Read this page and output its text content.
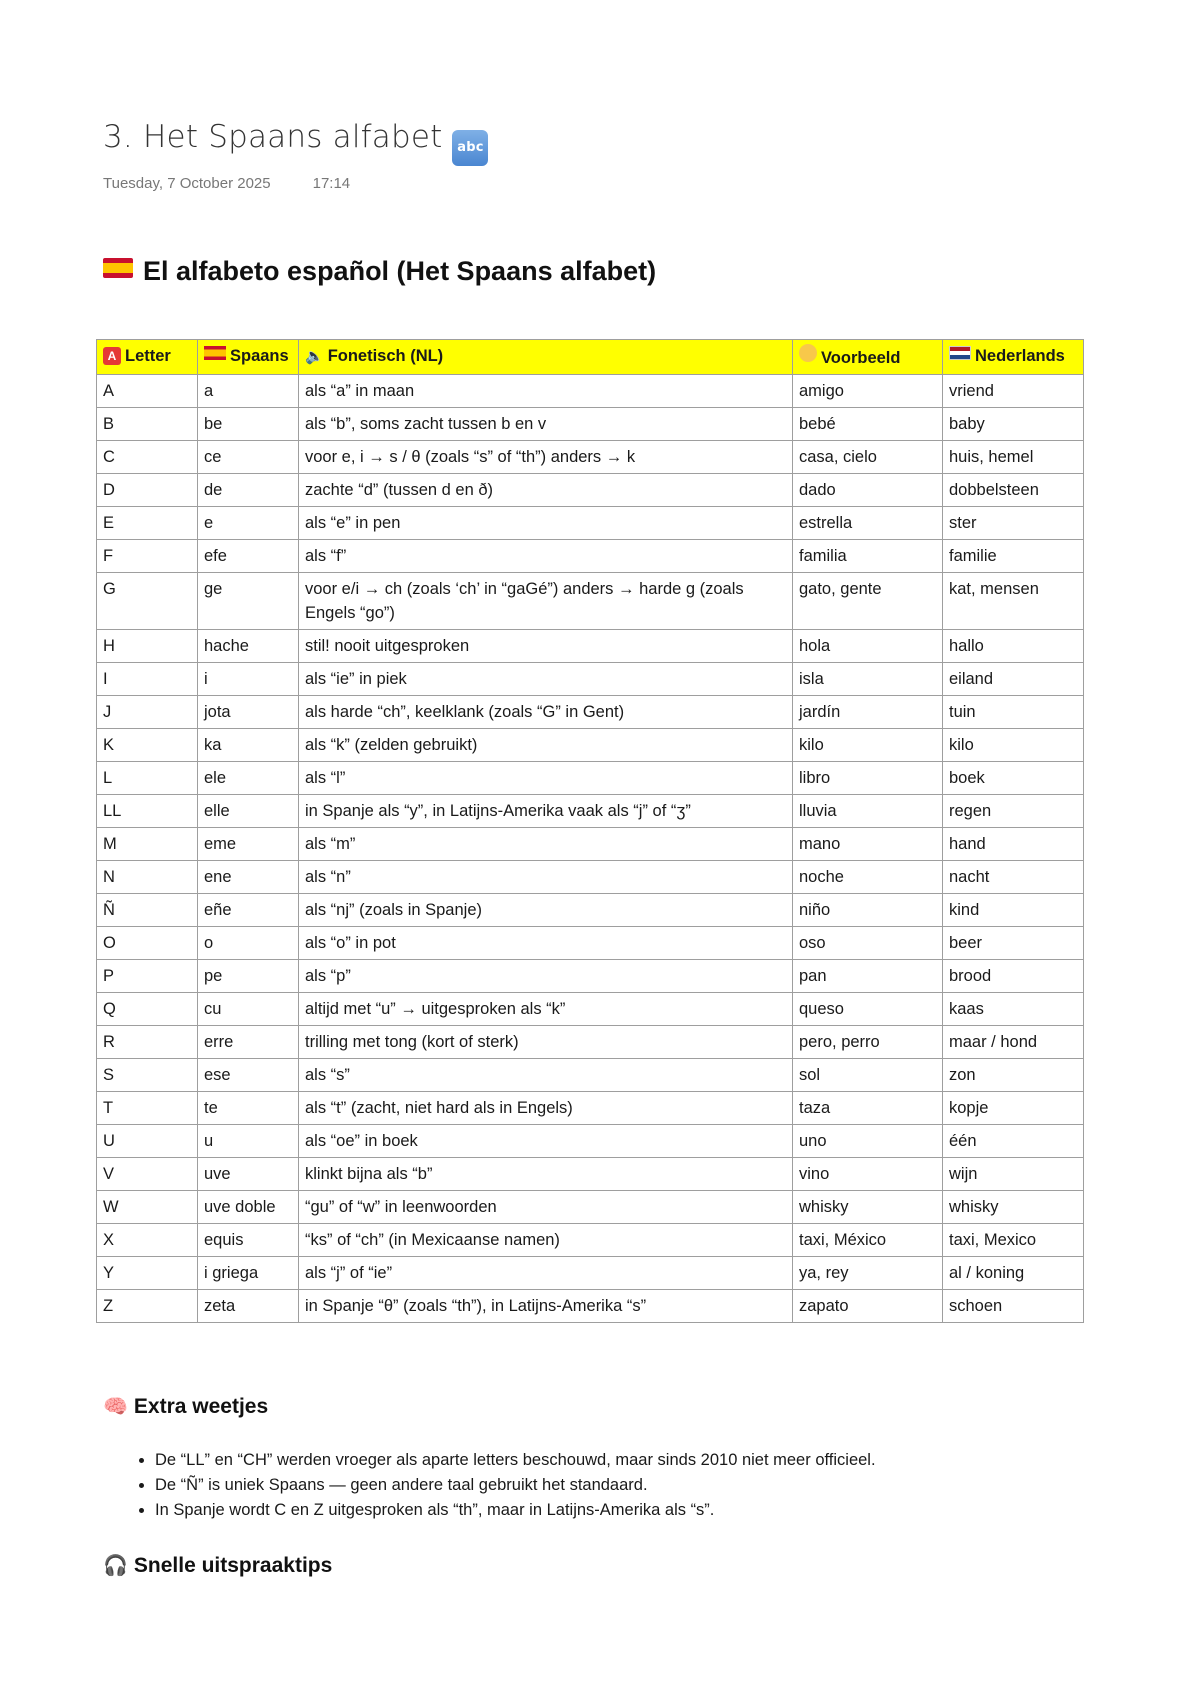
3. Het Spaans alfabet abc
Tuesday, 7 October 2025	17:14
El alfabeto español (Het Spaans alfabet)
A Letter	Spaans	🔈 Fonetisch (NL)	Voorbeeld	Nederlands
A	a	als “a” in maan	amigo	vriend
B	be	als “b”, soms zacht tussen b en v	bebé	baby
C	ce	voor e, i → s / θ (zoals “s” of “th”) anders → k	casa, cielo	huis, hemel
D	de	zachte “d” (tussen d en ð)	dado	dobbelsteen
E	e	als “e” in pen	estrella	ster
F	efe	als “f”	familia	familie
G	ge	voor e/i → ch (zoals ‘ch’ in “gaGé”) anders → harde g (zoals Engels “go”)	gato, gente	kat, mensen
H	hache	stil! nooit uitgesproken	hola	hallo
I	i	als “ie” in piek	isla	eiland
J	jota	als harde “ch”, keelklank (zoals “G” in Gent)	jardín	tuin
K	ka	als “k” (zelden gebruikt)	kilo	kilo
L	ele	als “l”	libro	boek
LL	elle	in Spanje als “y”, in Latijns-Amerika vaak als “j” of “ʒ”	lluvia	regen
M	eme	als “m”	mano	hand
N	ene	als “n”	noche	nacht
Ñ	eñe	als “nj” (zoals in Spanje)	niño	kind
O	o	als “o” in pot	oso	beer
P	pe	als “p”	pan	brood
Q	cu	altijd met “u” → uitgesproken als “k”	queso	kaas
R	erre	trilling met tong (kort of sterk)	pero, perro	maar / hond
S	ese	als “s”	sol	zon
T	te	als “t” (zacht, niet hard als in Engels)	taza	kopje
U	u	als “oe” in boek	uno	één
V	uve	klinkt bijna als “b”	vino	wijn
W	uve doble	“gu” of “w” in leenwoorden	whisky	whisky
X	equis	“ks” of “ch” (in Mexicaanse namen)	taxi, México	taxi, Mexico
Y	i griega	als “j” of “ie”	ya, rey	al / koning
Z	zeta	in Spanje “θ” (zoals “th”), in Latijns-Amerika “s”	zapato	schoen
🧠 Extra weetjes
• De “LL” en “CH” werden vroeger als aparte letters beschouwd, maar sinds 2010 niet meer officieel.
• De “Ñ” is uniek Spaans — geen andere taal gebruikt het standaard.
• In Spanje wordt C en Z uitgesproken als “th”, maar in Latijns-Amerika als “s”.
🎧 Snelle uitspraaktips
